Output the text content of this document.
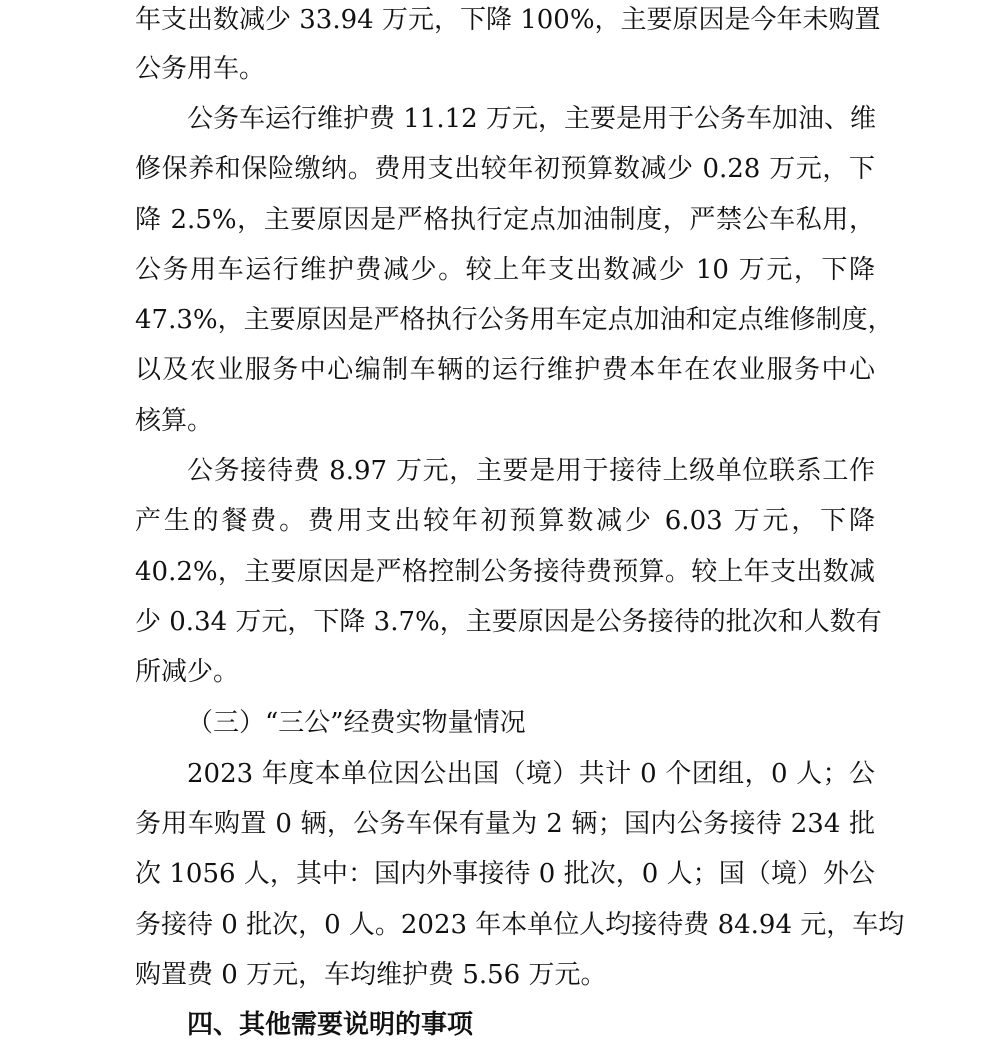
年支出数减少 33.94 万元，下降 100%，主要原因是今年未购置
公务用车。
公务车运行维护费 11.12 万元，主要是用于公务车加油、维
修保养和保险缴纳。费用支出较年初预算数减少 0.28 万元，下
降 2.5%，主要原因是严格执行定点加油制度，严禁公车私用，
公务用车运行维护费减少。较上年支出数减少 10 万元，下降
47.3%，主要原因是严格执行公务用车定点加油和定点维修制度，
以及农业服务中心编制车辆的运行维护费本年在农业服务中心
核算。
公务接待费 8.97 万元，主要是用于接待上级单位联系工作
产生的餐费。费用支出较年初预算数减少 6.03 万元，下降
40.2%，主要原因是严格控制公务接待费预算。较上年支出数减
少 0.34 万元，下降 3.7%，主要原因是公务接待的批次和人数有
所减少。
（三）“三公”经费实物量情况
2023 年度本单位因公出国（境）共计 0 个团组，0 人；公
务用车购置 0 辆，公务车保有量为 2 辆；国内公务接待 234 批
次 1056 人，其中：国内外事接待 0 批次，0 人；国（境）外公
务接待 0 批次，0 人。2023 年本单位人均接待费 84.94 元，车均
购置费 0 万元，车均维护费 5.56 万元。
四、其他需要说明的事项
